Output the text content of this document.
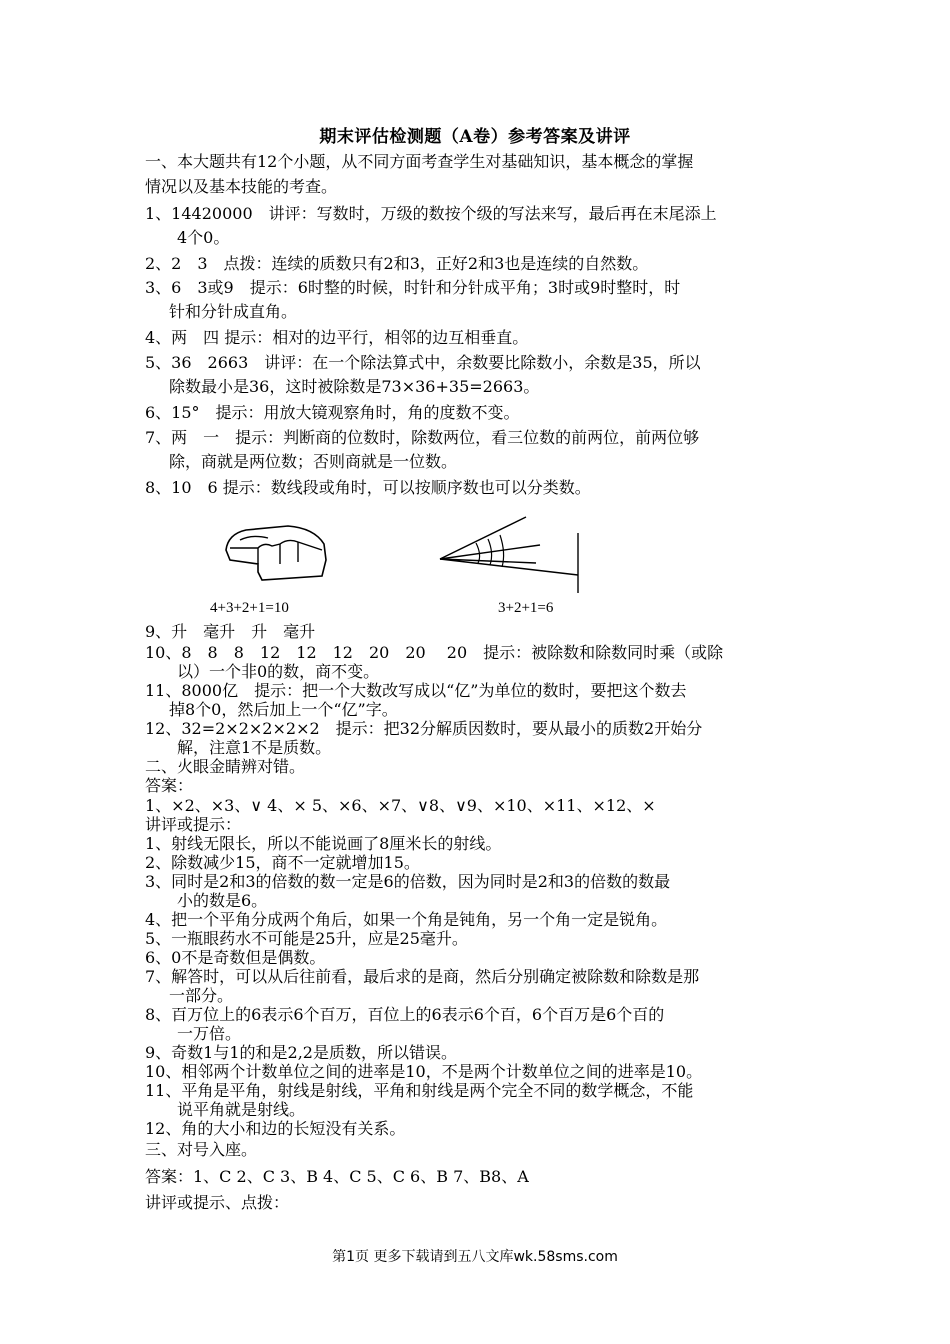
期末评估检测题（A卷）参考答案及讲评
一、本大题共有12个小题，从不同方面考查学生对基础知识，基本概念的掌握
情况以及基本技能的考查。
1、14420000　讲评：写数时，万级的数按个级的写法来写，最后再在末尾添上
4个0。
2、2　3　点拨：连续的质数只有2和3，正好2和3也是连续的自然数。
3、6　3或9　提示：6时整的时候，时针和分针成平角；3时或9时整时，时
针和分针成直角。
4、两　四 提示：相对的边平行，相邻的边互相垂直。
5、36　2663　讲评：在一个除法算式中，余数要比除数小，余数是35，所以
除数最小是36，这时被除数是73×36+35=2663。
6、15°　提示：用放大镜观察角时，角的度数不变。
7、两　一　提示：判断商的位数时，除数两位，看三位数的前两位，前两位够
除，商就是两位数；否则商就是一位数。
8、10　6 提示：数线段或角时，可以按顺序数也可以分类数。
4+3+2+1=10	3+2+1=6
9、升　毫升　升　毫升
10、8　8　8　12　12　12　20　20　 20　提示：被除数和除数同时乘（或除
以）一个非0的数，商不变。
11、8000亿　提示：把一个大数改写成以“亿”为单位的数时，要把这个数去
掉8个0，然后加上一个“亿”字。
12、32=2×2×2×2×2　提示：把32分解质因数时，要从最小的质数2开始分
解，注意1不是质数。
二、火眼金睛辨对错。
答案：
1、×2、×3、∨ 4、× 5、×6、×7、∨8、∨9、×10、×11、×12、×
讲评或提示：
1、射线无限长，所以不能说画了8厘米长的射线。
2、除数减少15，商不一定就增加15。
3、同时是2和3的倍数的数一定是6的倍数，因为同时是2和3的倍数的数最
小的数是6。
4、把一个平角分成两个角后，如果一个角是钝角，另一个角一定是锐角。
5、一瓶眼药水不可能是25升，应是25毫升。
6、0不是奇数但是偶数。
7、解答时，可以从后往前看，最后求的是商，然后分别确定被除数和除数是那
一部分。
8、百万位上的6表示6个百万，百位上的6表示6个百，6个百万是6个百的
一万倍。
9、奇数1与1的和是2,2是质数，所以错误。
10、相邻两个计数单位之间的进率是10，不是两个计数单位之间的进率是10。
11、平角是平角，射线是射线，平角和射线是两个完全不同的数学概念，不能
说平角就是射线。
12、角的大小和边的长短没有关系。
三、对号入座。
答案：1、C 2、C 3、B 4、C 5、C 6、B 7、B8、A
讲评或提示、点拨：
第1页 更多下载请到五八文库wk.58sms.com
